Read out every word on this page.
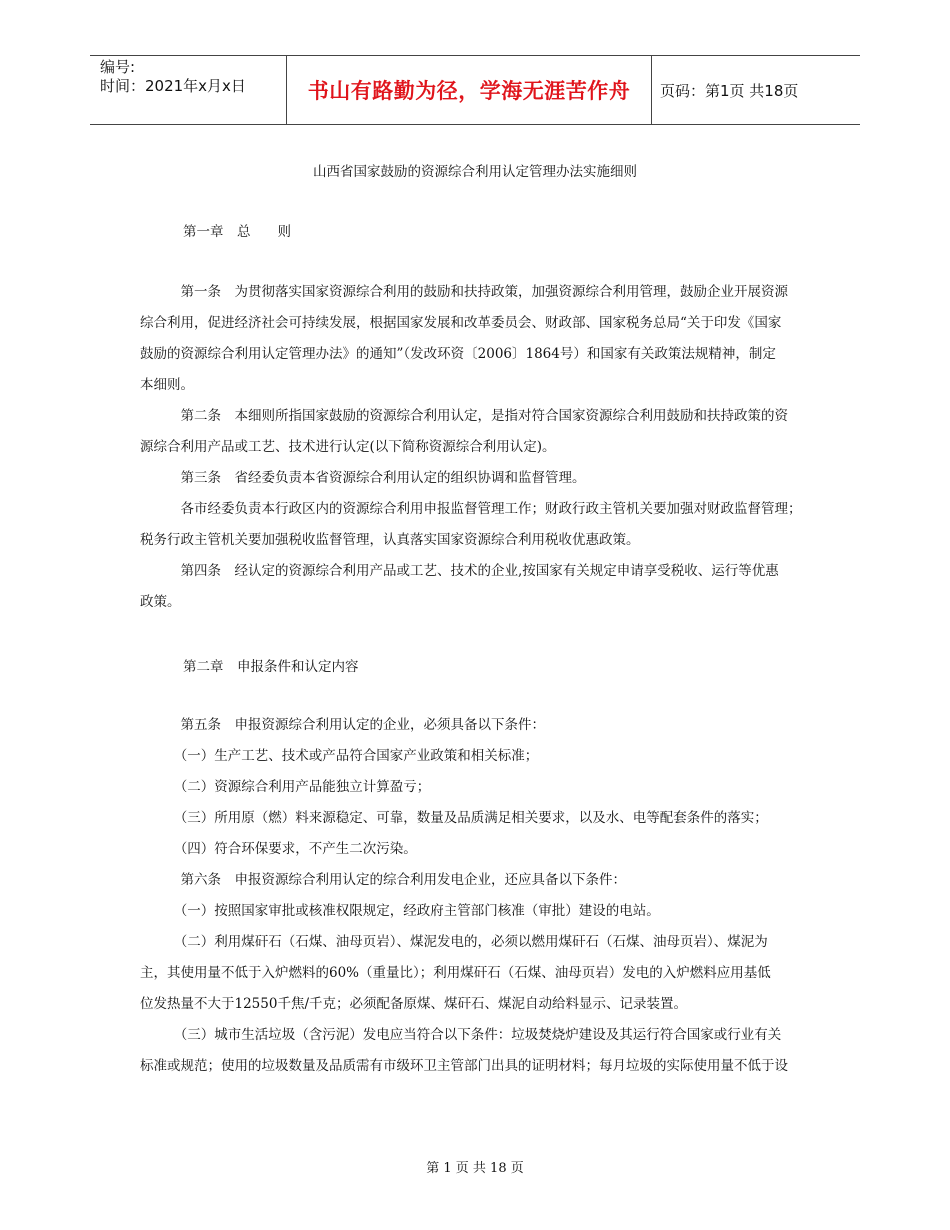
编号:
时间：2021年x月x日	书山有路勤为径，学海无涯苦作舟	页码：第1页 共18页
山西省国家鼓励的资源综合利用认定管理办法实施细则
第一章　总　　则
　　　第一条　为贯彻落实国家资源综合利用的鼓励和扶持政策，加强资源综合利用管理，鼓励企业开展资源
综合利用，促进经济社会可持续发展，根据国家发展和改革委员会、财政部、国家税务总局“关于印发《国家
鼓励的资源综合利用认定管理办法》的通知”（发改环资〔2006〕1864号）和国家有关政策法规精神，制定
本细则。
　　　第二条　本细则所指国家鼓励的资源综合利用认定，是指对符合国家资源综合利用鼓励和扶持政策的资
源综合利用产品或工艺、技术进行认定(以下简称资源综合利用认定)。
　　　第三条　省经委负责本省资源综合利用认定的组织协调和监督管理。
　　　各市经委负责本行政区内的资源综合利用申报监督管理工作；财政行政主管机关要加强对财政监督管理；
税务行政主管机关要加强税收监督管理，认真落实国家资源综合利用税收优惠政策。
　　　第四条　经认定的资源综合利用产品或工艺、技术的企业,按国家有关规定申请享受税收、运行等优惠
政策。
第二章　申报条件和认定内容
　　　第五条　申报资源综合利用认定的企业，必须具备以下条件：
　　　（一）生产工艺、技术或产品符合国家产业政策和相关标准；
　　　（二）资源综合利用产品能独立计算盈亏；
　　　（三）所用原（燃）料来源稳定、可靠，数量及品质满足相关要求，以及水、电等配套条件的落实；
　　　（四）符合环保要求，不产生二次污染。
　　　第六条　申报资源综合利用认定的综合利用发电企业，还应具备以下条件：
　　　（一）按照国家审批或核准权限规定，经政府主管部门核准（审批）建设的电站。
　　　（二）利用煤矸石（石煤、油母页岩）、煤泥发电的，必须以燃用煤矸石（石煤、油母页岩）、煤泥为
主，其使用量不低于入炉燃料的60%（重量比）；利用煤矸石（石煤、油母页岩）发电的入炉燃料应用基低
位发热量不大于12550千焦/千克；必须配备原煤、煤矸石、煤泥自动给料显示、记录装置。
　　　（三）城市生活垃圾（含污泥）发电应当符合以下条件：垃圾焚烧炉建设及其运行符合国家或行业有关
标准或规范；使用的垃圾数量及品质需有市级环卫主管部门出具的证明材料；每月垃圾的实际使用量不低于设
第 1 页 共 18 页
